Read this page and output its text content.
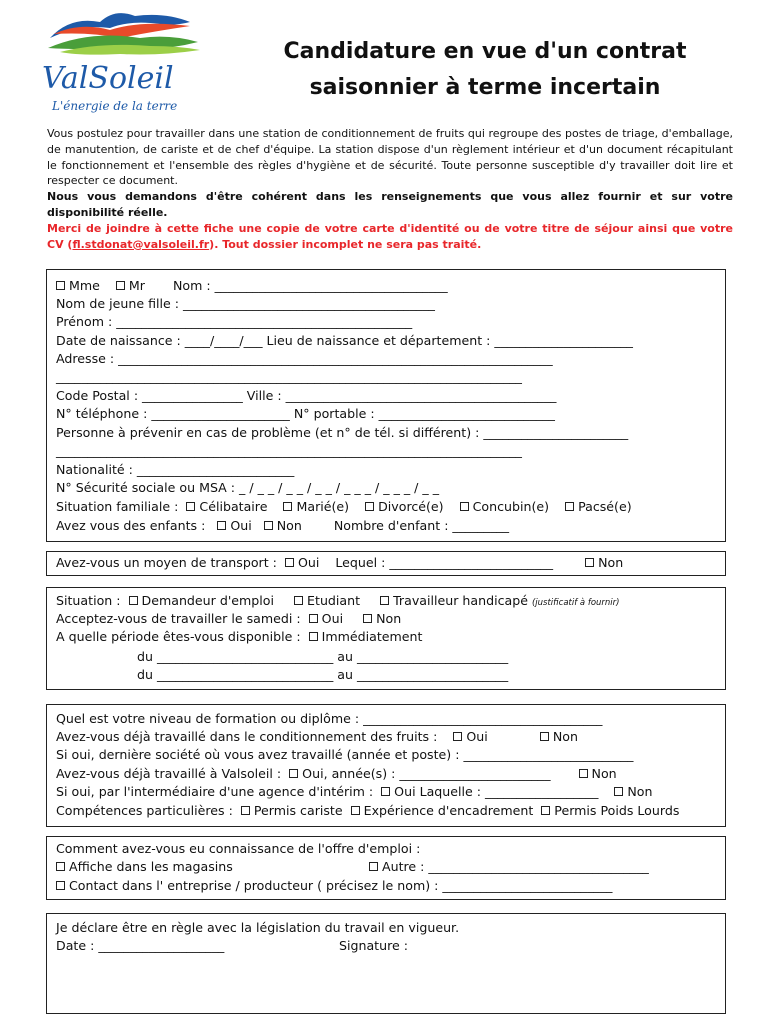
ValSoleil
L'énergie de la terre
Candidature en vue d'un contrat
saisonnier à terme incertain

Vous postulez pour travailler dans une station de conditionnement de fruits qui regroupe des postes de triage, d'emballage, de manutention, de cariste et de chef d'équipe. La station dispose d'un règlement intérieur et d'un document récapitulant le fonctionnement et l'ensemble des règles d'hygiène et de sécurité. Toute personne susceptible d'y travailler doit lire et respecter ce document.

Nous vous demandons d'être cohérent dans les renseignements que vous allez fournir et sur votre disponibilité réelle.

Merci de joindre à cette fiche une copie de votre carte d'identité ou de votre titre de séjour ainsi que votre CV (fl.stdonat@valsoleil.fr). Tout dossier incomplet ne sera pas traité.

Mme Mr Nom : _____________________________________
Nom de jeune fille : ________________________________________
Prénom : _______________________________________________
Date de naissance : ____/____/___ Lieu de naissance et département : ______________________
Adresse : _____________________________________________________________________
__________________________________________________________________________
Code Postal : ________________ Ville : ___________________________________________
N° téléphone : ______________________ N° portable : ____________________________
Personne à prévenir en cas de problème (et n° de tél. si différent) : _______________________
__________________________________________________________________________
Nationalité : _________________________
N° Sécurité sociale ou MSA : _ / _ _ / _ _ / _ _ / _ _ _ / _ _ _ / _ _
Situation familiale : Célibataire Marié(e) Divorcé(e) Concubin(e) Pacsé(e)
Avez vous des enfants : Oui Non	Nombre d'enfant : _________
Avez-vous un moyen de transport : Oui Lequel : __________________________	Non
Situation : Demandeur d'emploi	Etudiant	Travailleur handicapé (justificatif à fournir)
Acceptez-vous de travailler le samedi : Oui	Non
A quelle période êtes-vous disponible : Immédiatement
du ____________________________ au ________________________
du ____________________________ au ________________________
Quel est votre niveau de formation ou diplôme : ______________________________________
Avez-vous déjà travaillé dans le conditionnement des fruits : Oui	Non
Si oui, dernière société où vous avez travaillé (année et poste) : ___________________________
Avez-vous déjà travaillé à Valsoleil : Oui, année(s) : ________________________	Non
Si oui, par l'intermédiaire d'une agence d'intérim : Oui Laquelle : __________________ Non
Compétences particulières : Permis cariste Expérience d'encadrement Permis Poids Lourds
Comment avez-vous eu connaissance de l'offre d'emploi :
Affiche dans les magasins	Autre : ___________________________________
Contact dans l' entreprise / producteur ( précisez le nom) : ___________________________
Je déclare être en règle avec la législation du travail en vigueur.
Date : ____________________	Signature :
